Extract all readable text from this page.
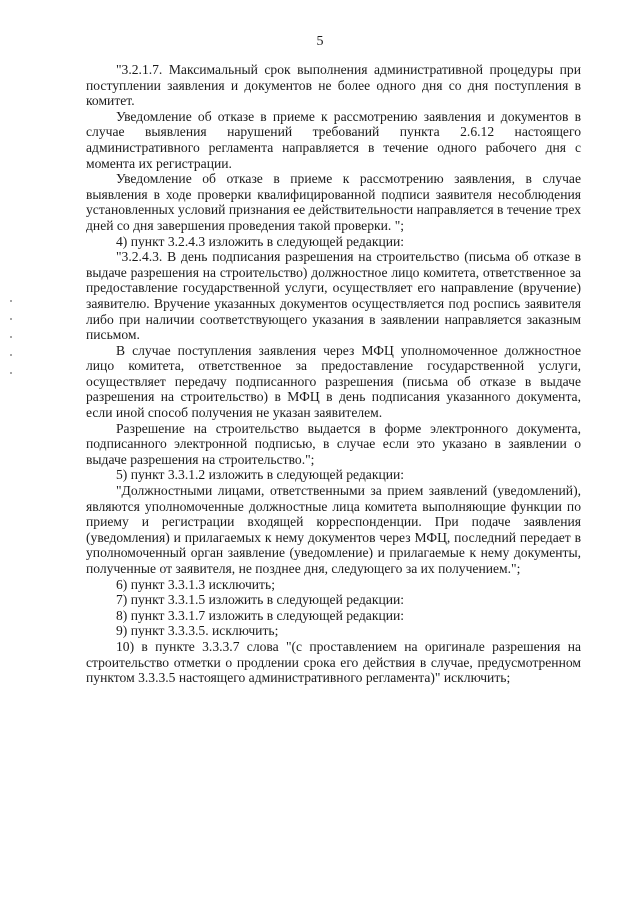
5

"3.2.1.7. Максимальный срок выполнения административной процедуры при поступлении заявления и документов не более одного дня со дня поступления в комитет.

Уведомление об отказе в приеме к рассмотрению заявления и документов в случае выявления нарушений требований пункта 2.6.12 настоящего административного регламента направляется в течение одного рабочего дня с момента их регистрации.

Уведомление об отказе в приеме к рассмотрению заявления, в случае выявления в ходе проверки квалифицированной подписи заявителя несоблюдения установленных условий признания ее действительности направляется в течение трех дней со дня завершения проведения такой проверки. ";

4) пункт 3.2.4.3 изложить в следующей редакции:

"3.2.4.3. В день подписания разрешения на строительство (письма об отказе в выдаче разрешения на строительство) должностное лицо комитета, ответственное за предоставление государственной услуги, осуществляет его направление (вручение) заявителю. Вручение указанных документов осуществляется под роспись заявителя либо при наличии соответствующего указания в заявлении направляется заказным письмом.

В случае поступления заявления через МФЦ уполномоченное должностное лицо комитета, ответственное за предоставление государственной услуги, осуществляет передачу подписанного разрешения (письма об отказе в выдаче разрешения на строительство) в МФЦ в день подписания указанного документа, если иной способ получения не указан заявителем.

Разрешение на строительство выдается в форме электронного документа, подписанного электронной подписью, в случае если это указано в заявлении о выдаче разрешения на строительство.";

5) пункт 3.3.1.2 изложить в следующей редакции:

"Должностными лицами, ответственными за прием заявлений (уведомлений), являются уполномоченные должностные лица комитета выполняющие функции по приему и регистрации входящей корреспонденции. При подаче заявления (уведомления) и прилагаемых к нему документов через МФЦ, последний передает в уполномоченный орган заявление (уведомление) и прилагаемые к нему документы, полученные от заявителя, не позднее дня, следующего за их получением.";

6) пункт 3.3.1.3 исключить;

7) пункт 3.3.1.5 изложить в следующей редакции:

8) пункт 3.3.1.7 изложить в следующей редакции:

9) пункт 3.3.3.5. исключить;

10) в пункте 3.3.3.7 слова "(с проставлением на оригинале разрешения на строительство отметки о продлении срока его действия в случае, предусмотренном пунктом 3.3.3.5 настоящего административного регламента)" исключить;
